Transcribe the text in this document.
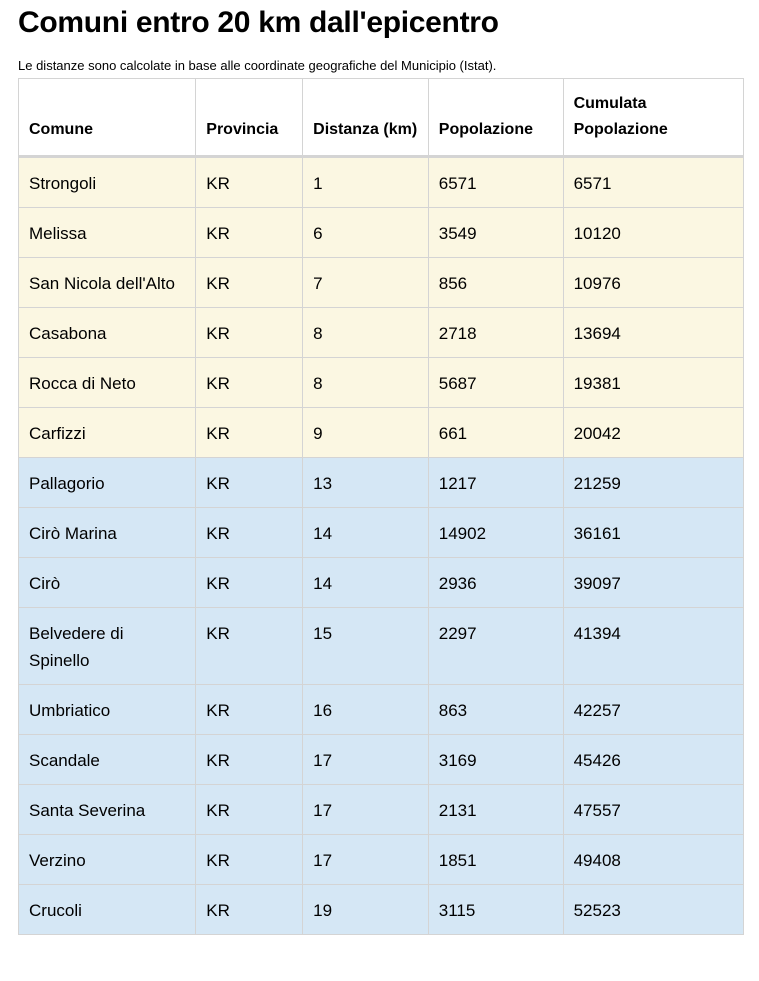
Comuni entro 20 km dall'epicentro
Le distanze sono calcolate in base alle coordinate geografiche del Municipio (Istat).
Comune	Provincia	Distanza (km)	Popolazione	Cumulata Popolazione
Strongoli	KR	1	6571	6571
Melissa	KR	6	3549	10120
San Nicola dell'Alto	KR	7	856	10976
Casabona	KR	8	2718	13694
Rocca di Neto	KR	8	5687	19381
Carfizzi	KR	9	661	20042
Pallagorio	KR	13	1217	21259
Cirò Marina	KR	14	14902	36161
Cirò	KR	14	2936	39097
Belvedere di Spinello	KR	15	2297	41394
Umbriatico	KR	16	863	42257
Scandale	KR	17	3169	45426
Santa Severina	KR	17	2131	47557
Verzino	KR	17	1851	49408
Crucoli	KR	19	3115	52523
